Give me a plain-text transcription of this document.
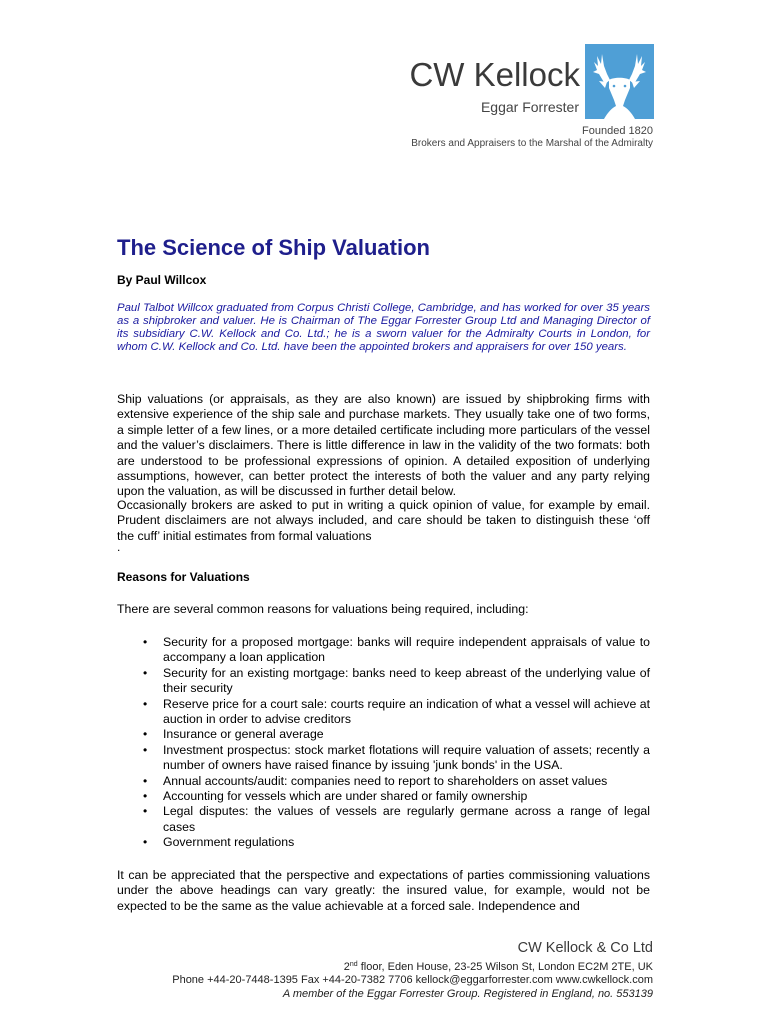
CW Kellock
Eggar Forrester
Founded 1820
Brokers and Appraisers to the Marshal of the Admiralty
The Science of Ship Valuation
By Paul Willcox

Paul Talbot Willcox graduated from Corpus Christi College, Cambridge, and has worked for over 35 years as a shipbroker and valuer. He is Chairman of The Eggar Forrester Group Ltd and Managing Director of its subsidiary C.W. Kellock and Co. Ltd.; he is a sworn valuer for the Admiralty Courts in London, for whom C.W. Kellock and Co. Ltd. have been the appointed brokers and appraisers for over 150 years.

Ship valuations (or appraisals, as they are also known) are issued by shipbroking firms with extensive experience of the ship sale and purchase markets. They usually take one of two forms, a simple letter of a few lines, or a more detailed certificate including more particulars of the vessel and the valuer’s disclaimers. There is little difference in law in the validity of the two formats: both are understood to be professional expressions of opinion. A detailed exposition of underlying assumptions, however, can better protect the interests of both the valuer and any party relying upon the valuation, as will be discussed in further detail below.

Occasionally brokers are asked to put in writing a quick opinion of value, for example by email. Prudent disclaimers are not always included, and care should be taken to distinguish these ‘off the cuff’ initial estimates from formal valuations

.
Reasons for Valuations
There are several common reasons for valuations being required, including:
• Security for a proposed mortgage: banks will require independent appraisals of value to accompany a loan application
• Security for an existing mortgage: banks need to keep abreast of the underlying value of their security
• Reserve price for a court sale: courts require an indication of what a vessel will achieve at auction in order to advise creditors
• Insurance or general average
• Investment prospectus: stock market flotations will require valuation of assets; recently a number of owners have raised finance by issuing 'junk bonds' in the USA.
• Annual accounts/audit: companies need to report to shareholders on asset values
• Accounting for vessels which are under shared or family ownership
• Legal disputes: the values of vessels are regularly germane across a range of legal cases
• Government regulations

It can be appreciated that the perspective and expectations of parties commissioning valuations under the above headings can vary greatly: the insured value, for example, would not be expected to be the same as the value achievable at a forced sale. Independence and

CW Kellock & Co Ltd
2nd floor, Eden House, 23-25 Wilson St, London EC2M 2TE, UK
Phone +44-20-7448-1395 Fax +44-20-7382 7706 kellock@eggarforrester.com www.cwkellock.com
A member of the Eggar Forrester Group. Registered in England, no. 553139
